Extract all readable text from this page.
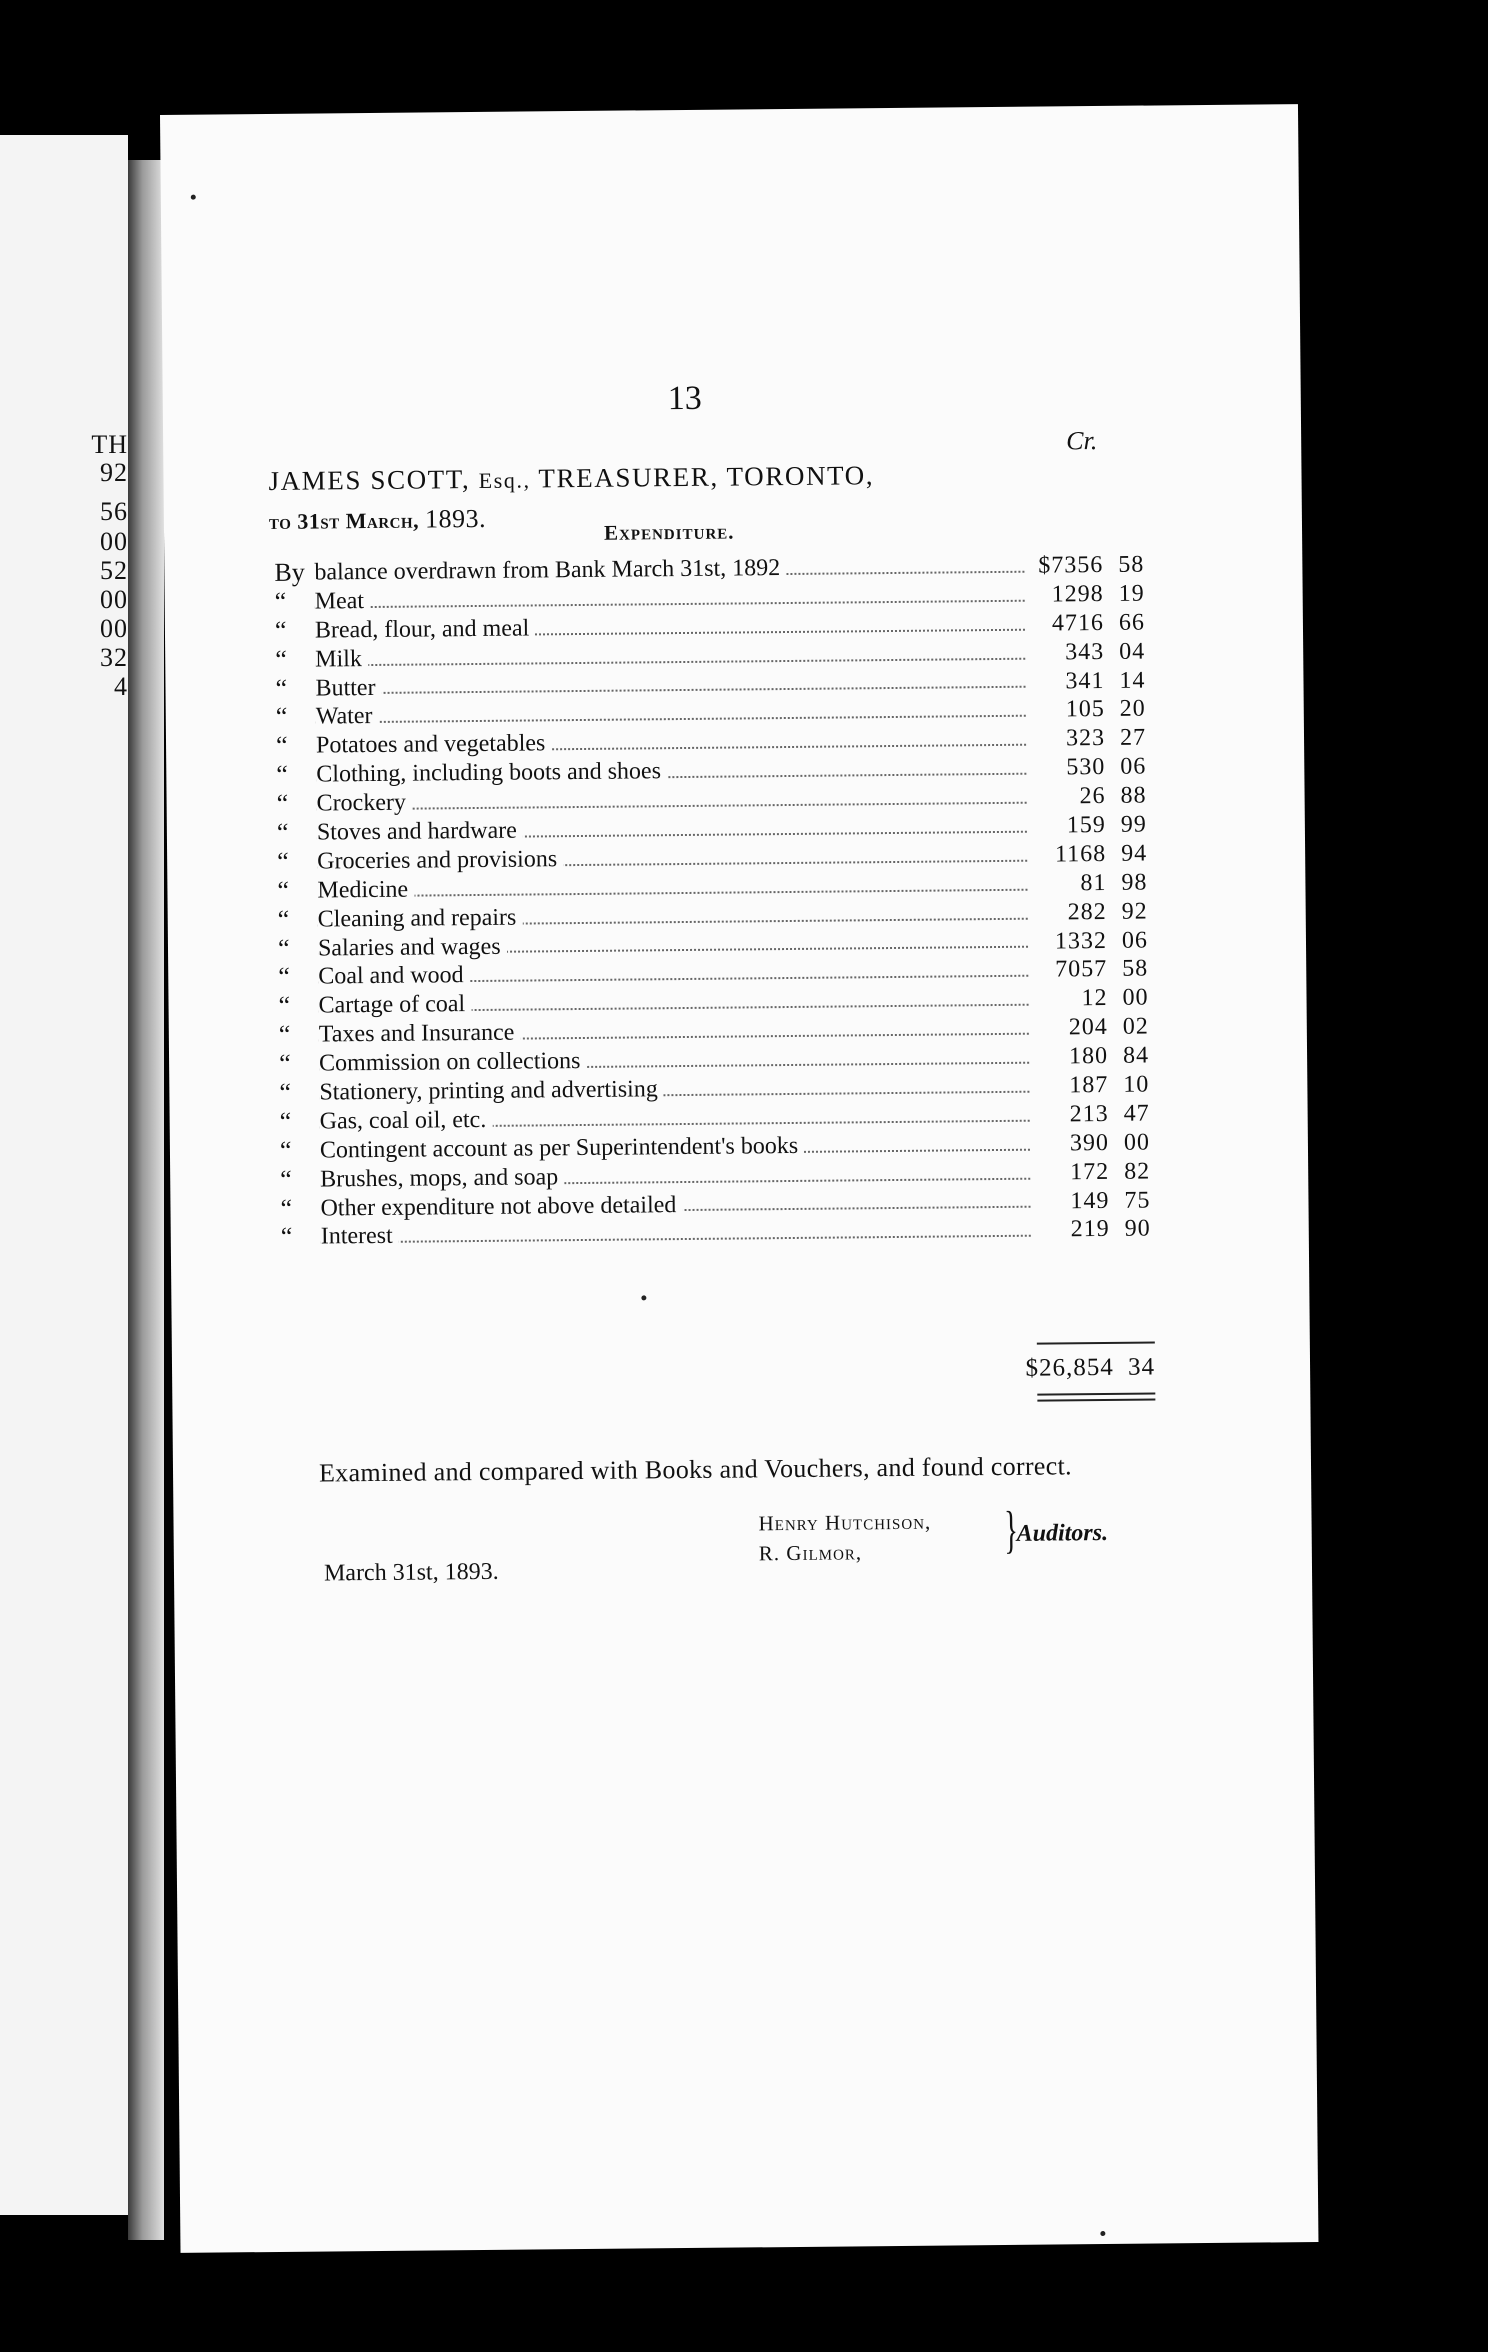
TH
92
56
00
52
00
00
32
4
13
Cr.
JAMES SCOTT, Esq., TREASURER, TORONTO,
to 31st March, 1893.	Expenditure.
By balance overdrawn from Bank March 31st, 1892	$7356 58
“	Meat	1298 19
“	Bread, flour, and meal	4716 66
“	Milk	343 04
“	Butter	341 14
“	Water	105 20
“	Potatoes and vegetables	323 27
“	Clothing, including boots and shoes	530 06
“	Crockery	26 88
“	Stoves and hardware	159 99
“	Groceries and provisions	1168 94
“	Medicine	81 98
“	Cleaning and repairs	282 92
“	Salaries and wages	1332 06
“	Coal and wood	7057 58
“	Cartage of coal	12 00
“	Taxes and Insurance	204 02
“	Commission on collections	180 84
“	Stationery, printing and advertising	187 10
“	Gas, coal oil, etc.	213 47
“	Contingent account as per Superintendent's books	390 00
“	Brushes, mops, and soap	172 82
“	Other expenditure not above detailed	149 75
“	Interest	219 90
$26,854 34
Examined and compared with Books and Vouchers, and found correct.
Henry Hutchison,
R. Gilmor,	}
Auditors.
March 31st, 1893.
